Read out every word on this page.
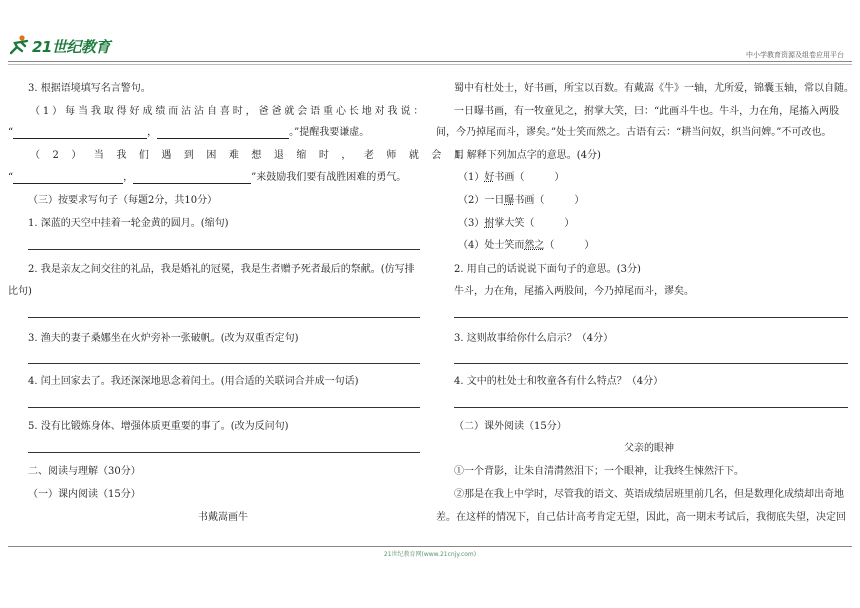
21世纪教育	中小学教育资源及组卷应用平台
3. 根据语境填写名言警句。
（1）每当我取得好成绩而沾沾自喜时，爸爸就会语重心长地对我说：
“	，	。”提醒我要谦虚。
（2）当我们遇到困难想退缩时，老师就会用
“	，	”来鼓励我们要有战胜困难的勇气。
（三）按要求写句子（每题2分，共10分）
1. 深蓝的天空中挂着一轮金黄的圆月。(缩句)
2. 我是亲友之间交往的礼品，我是婚礼的冠冕，我是生者赠予死者最后的祭献。(仿写排
比句)
3. 渔夫的妻子桑娜坐在火炉旁补一张破帆。(改为双重否定句)
4. 闰土回家去了。我还深深地思念着闰土。(用合适的关联词合并成一句话)
5. 没有比锻炼身体、增强体质更重要的事了。(改为反问句)
二、阅读与理解（30分）
（一）课内阅读（15分）
书戴嵩画牛
蜀中有杜处士，好书画，所宝以百数。有戴嵩《牛》一轴，尤所爱，锦囊玉轴，常以自随。
一日曝书画，有一牧童见之，拊掌大笑，曰：“此画斗牛也。牛斗，力在角，尾搐入两股
间，今乃掉尾而斗，谬矣。”处士笑而然之。古语有云：“耕当问奴，织当问婢。”不可改也。
1. 解释下列加点字的意思。(4分)
（1）好书画（　　　）
（2）一日曝书画（　　　）
（3）拊掌大笑（　　　）
（4）处士笑而然之（　　　）
2. 用自己的话说说下面句子的意思。(3分)
牛斗，力在角，尾搐入两股间，今乃掉尾而斗，谬矣。
3. 这则故事给你什么启示？（4分）
4. 文中的杜处士和牧童各有什么特点？（4分）
（二）课外阅读（15分）
父亲的眼神
①一个背影，让朱自清潸然泪下；一个眼神，让我终生悚然汗下。
②那是在我上中学时，尽管我的语文、英语成绩居班里前几名，但是数理化成绩却出奇地
差。在这样的情况下，自己估计高考肯定无望，因此，高一期末考试后，我彻底失望，决定回
21世纪教育网(www.21cnjy.com)
